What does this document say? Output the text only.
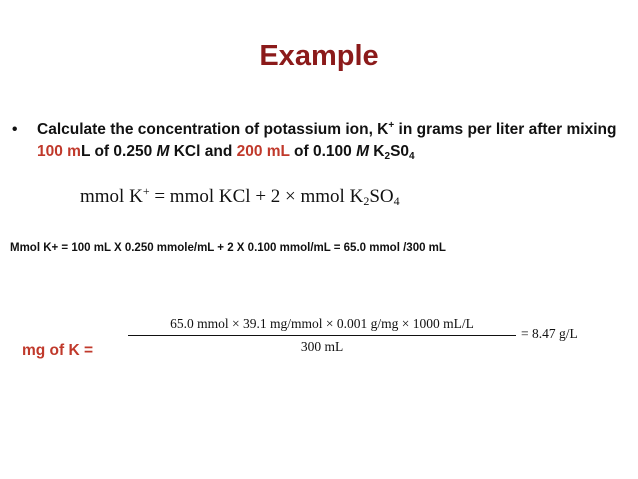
Example
•	Calculate the concentration of potassium ion, K+ in grams per liter after mixing 100 mL of 0.250 M KCl and 200 mL of 0.100 M $K_2S0_4$
mmol K+ = mmol KCl + 2 × mmol $K_2SO_4$
Mmol K+ = 100 mL X 0.250 mmole/mL + 2 X 0.100 mmol/mL = 65.0 mmol /300 mL
mg of K =
65.0 mmol × 39.1 mg/mmol × 0.001 g/mg × 1000 mL/L
300 mL
= 8.47 g/L
